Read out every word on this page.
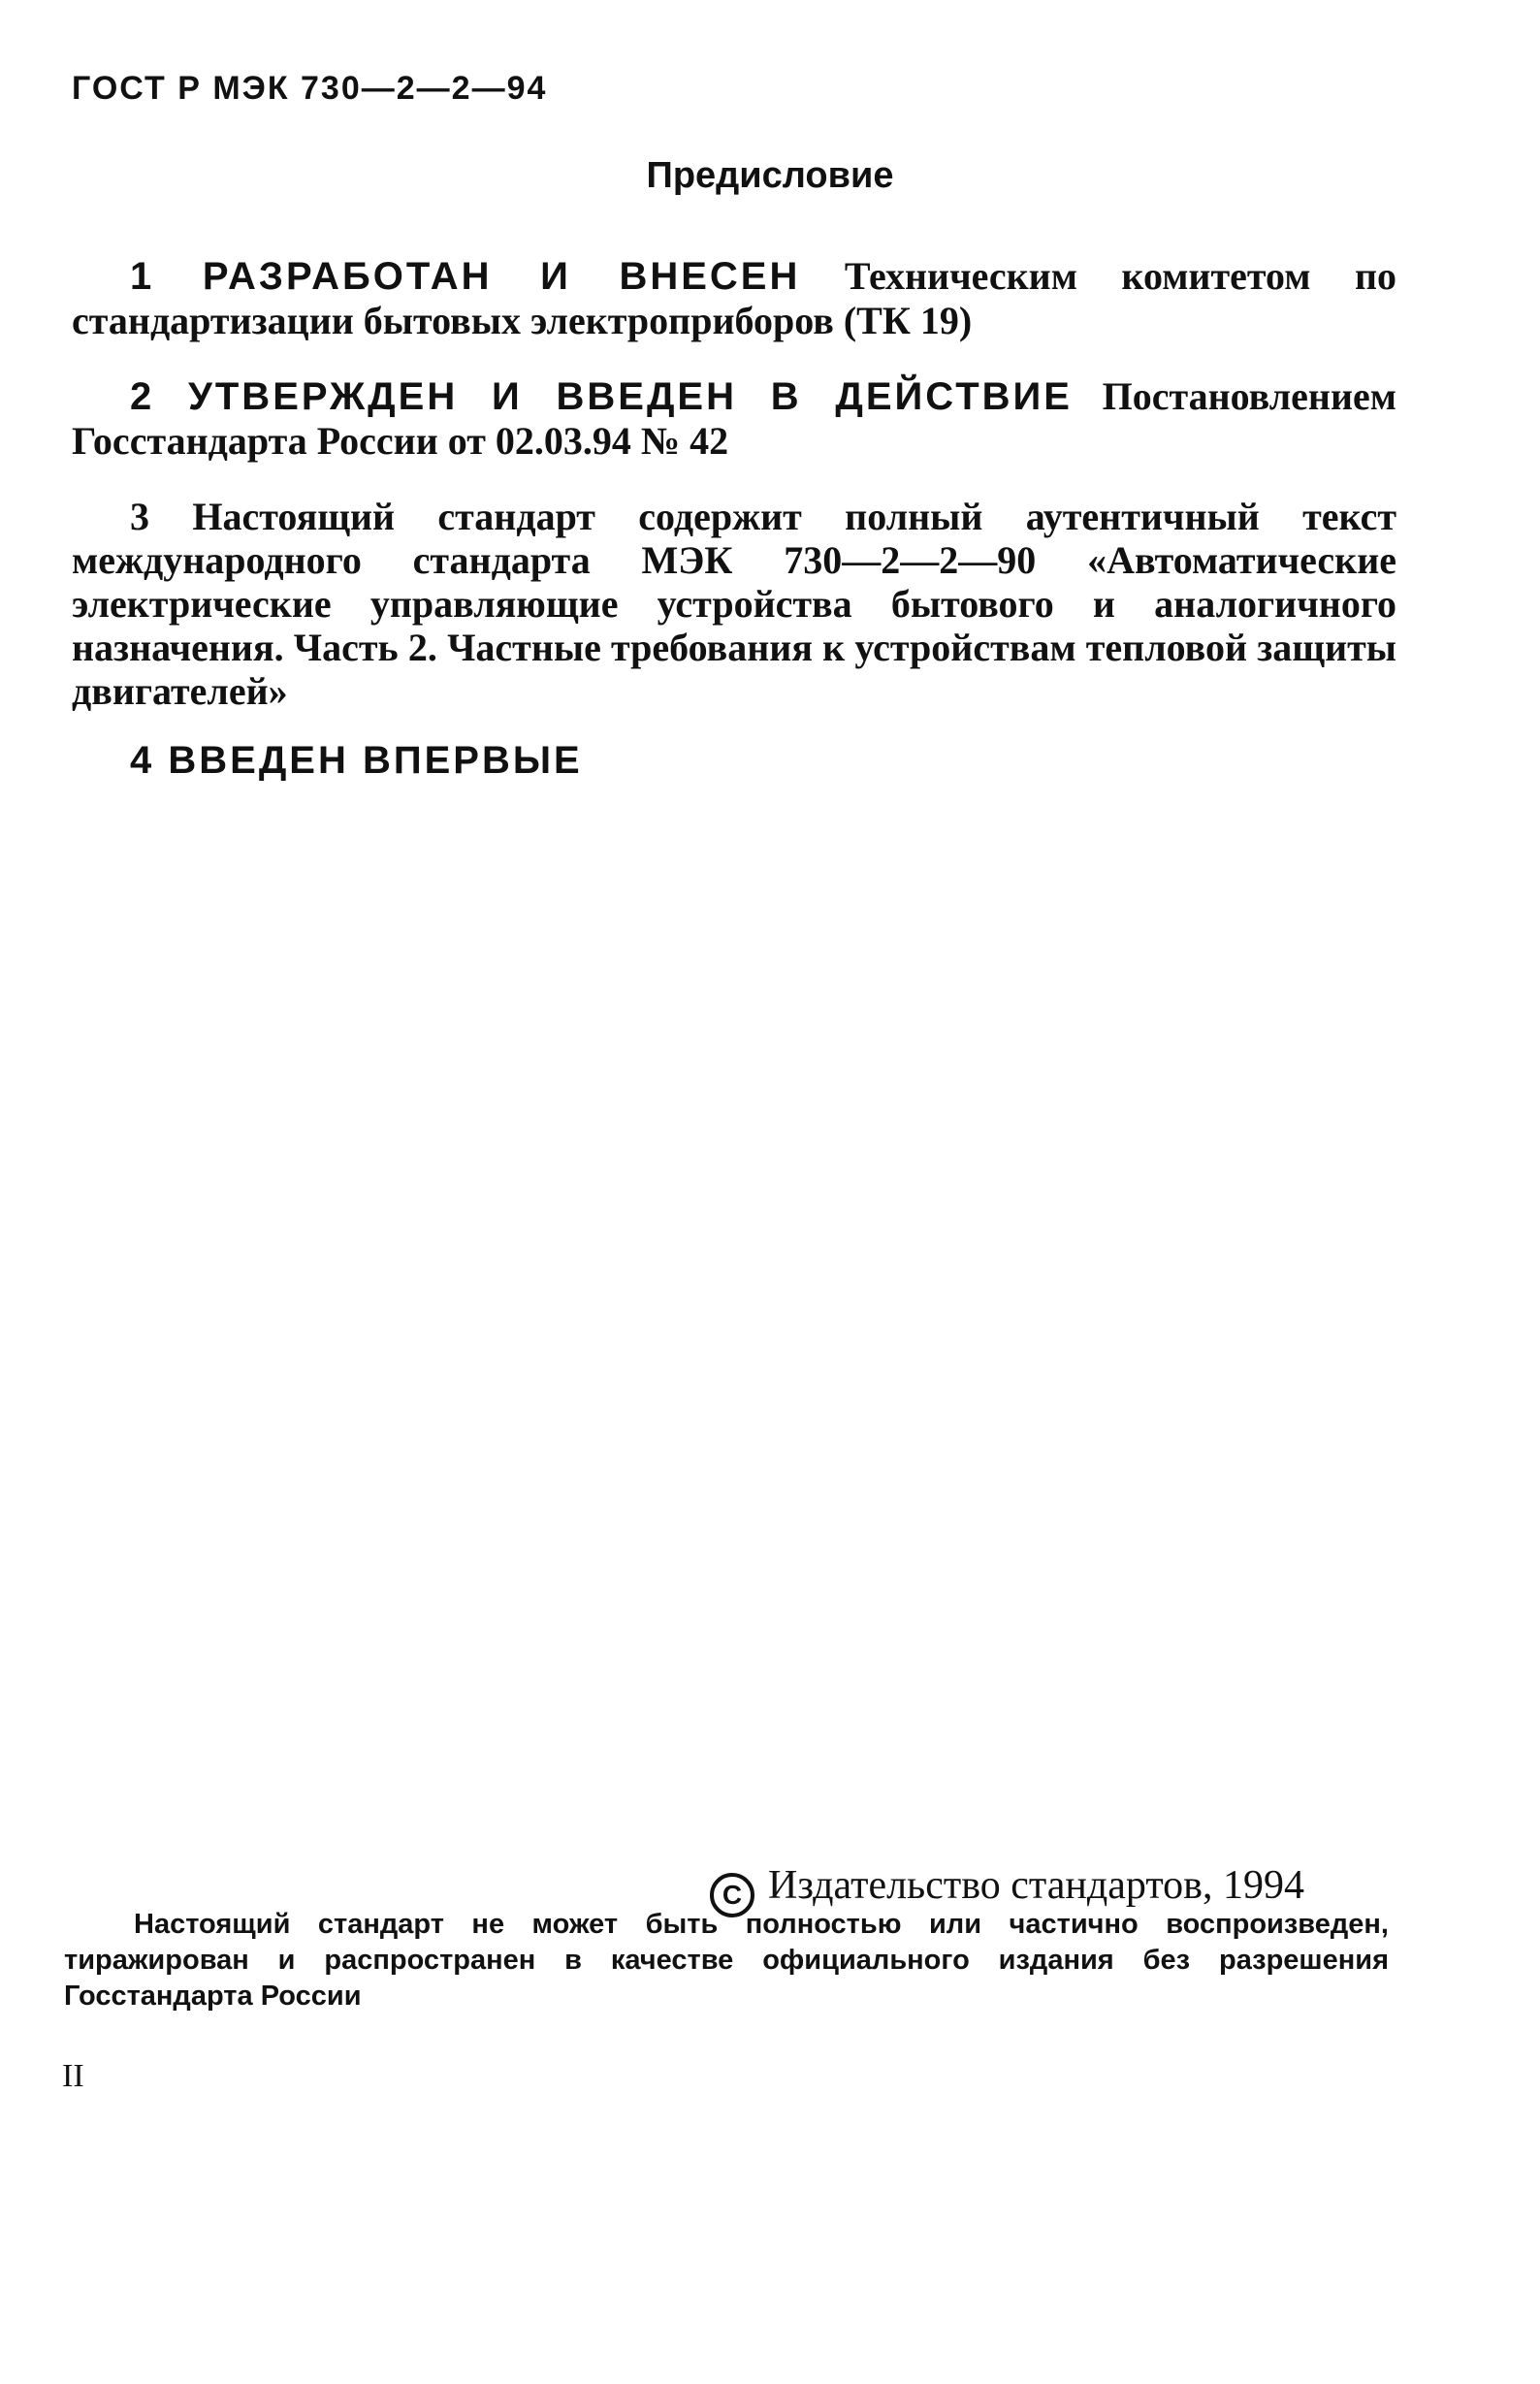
ГОСТ Р МЭК 730—2—2—94
Предисловие
1 РАЗРАБОТАН И ВНЕСЕН Техническим комитетом по стандартизации бытовых электроприборов (ТК 19)
2 УТВЕРЖДЕН И ВВЕДЕН В ДЕЙСТВИЕ Постановлением Госстандарта России от 02.03.94 № 42
3 Настоящий стандарт содержит полный аутентичный текст международного стандарта МЭК 730—2—2—90 «Автоматические электрические управляющие устройства бытового и аналогичного назначения. Часть 2. Частные требования к устройствам тепловой защиты двигателей»
4 ВВЕДЕН ВПЕРВЫЕ
C Издательство стандартов, 1994
Настоящий стандарт не может быть полностью или частично воспроизведен, тиражирован и распространен в качестве официального издания без разрешения Госстандарта России
II
